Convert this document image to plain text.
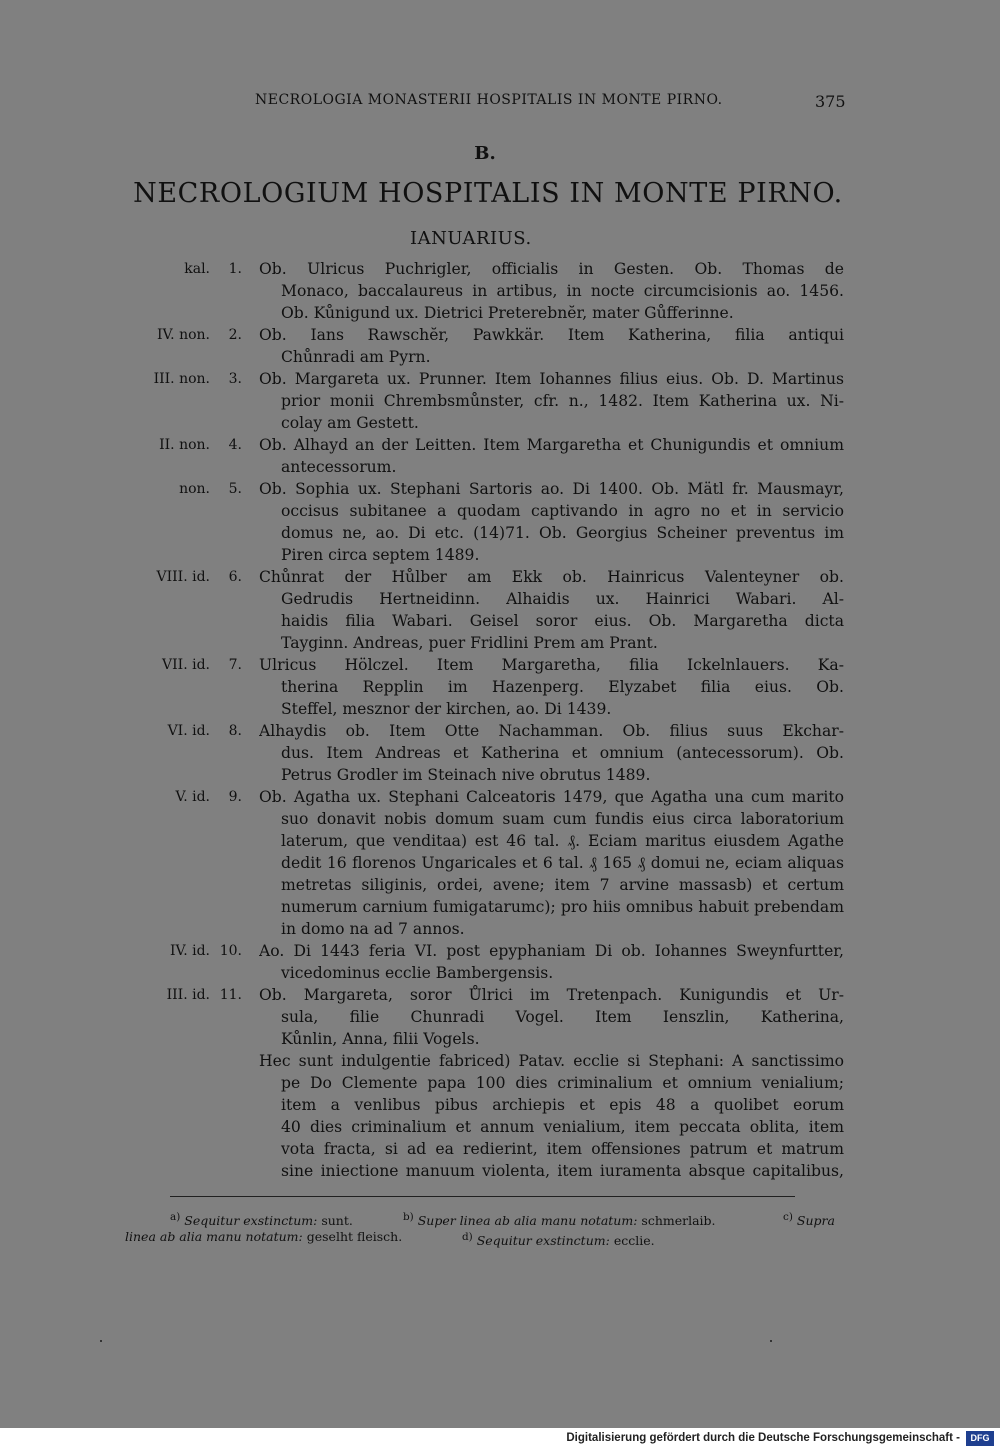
NECROLOGIA MONASTERII HOSPITALIS IN MONTE PIRNO.	375
B.
NECROLOGIUM HOSPITALIS IN MONTE PIRNO.
IANUARIUS.
kal.	1. Ob. Ulricus Puchrigler, officialis in Gesten. Ob. Thomas de
Monaco, baccalaureus in artibus, in nocte circumcisionis ao. 1456.
Ob. Kůnigund ux. Dietrici Preterebnĕr, mater Gůfferinne.
IV. non.	2. Ob. Ians Rawschĕr, Pawkkär. Item Katherina, filia antiqui
Chůnradi am Pyrn.
III. non.	3. Ob. Margareta ux. Prunner. Item Iohannes filius eius. Ob. D. Martinus
prior monii Chrembsmůnster, cfr. n., 1482. Item Katherina ux. Ni-
colay am Gestett.
II. non.	4. Ob. Alhayd an der Leitten. Item Margaretha et Chunigundis et omnium
antecessorum.
non.	5. Ob. Sophia ux. Stephani Sartoris ao. Di 1400. Ob. Mätl fr. Mausmayr,
occisus subitanee a quodam captivando in agro no et in servicio
domus ne, ao. Di etc. (14)71. Ob. Georgius Scheiner preventus im
Piren circa septem 1489.
VIII. id.	6. Chůnrat der Hůlber am Ekk ob. Hainricus Valenteyner ob.
Gedrudis Hertneidinn. Alhaidis ux. Hainrici Wabari. Al-
haidis filia Wabari. Geisel soror eius. Ob. Margaretha dicta
Tayginn. Andreas, puer Fridlini Prem am Prant.
VII. id.	7. Ulricus Hölczel. Item Margaretha, filia Ickelnlauers. Ka-
therina Repplin im Hazenperg. Elyzabet filia eius. Ob.
Steffel, mesznor der kirchen, ao. Di 1439.
VI. id.	8. Alhaydis ob. Item Otte Nachamman. Ob. filius suus Ekchar-
dus. Item Andreas et Katherina et omnium (antecessorum). Ob.
Petrus Grodler im Steinach nive obrutus 1489.
V. id.	9. Ob. Agatha ux. Stephani Calceatoris 1479, que Agatha una cum marito
suo donavit nobis domum suam cum fundis eius circa laboratorium
laterum, que venditaa) est 46 tal. ₰. Eciam maritus eiusdem Agathe
dedit 16 florenos Ungaricales et 6 tal. ₰ 165 ₰ domui ne, eciam aliquas
metretas siliginis, ordei, avene; item 7 arvine massasb) et certum
numerum carnium fumigatarumc); pro hiis omnibus habuit prebendam
in domo na ad 7 annos.
IV. id. 10. Ao. Di 1443 feria VI. post epyphaniam Di ob. Iohannes Sweynfurtter,
vicedominus ecclie Bambergensis.
III. id. 11. Ob. Margareta, soror Ůlrici im Tretenpach. Kunigundis et Ur-
sula, filie Chunradi Vogel. Item Ienszlin, Katherina,
Kůnlin, Anna, filii Vogels.
Hec sunt indulgentie fabriced) Patav. ecclie si Stephani: A sanctissimo
pe Do Clemente papa 100 dies criminalium et omnium venialium;
item a venlibus pibus archiepis et epis 48 a quolibet eorum
40 dies criminalium et annum venialium, item peccata oblita, item
vota fracta, si ad ea redierint, item offensiones patrum et matrum
sine iniectione manuum violenta, item iuramenta absque capitalibus,
$^{a)}$ Sequitur exstinctum: sunt.	$^{b)}$ Super linea ab alia manu notatum: schmerlaib.	$^{c)}$ Supra
linea ab alia manu notatum: geselht fleisch.	$^{d)}$ Sequitur exstinctum: ecclie.
Digitalisierung gefördert durch die Deutsche Forschungsgemeinschaft -	DFG
